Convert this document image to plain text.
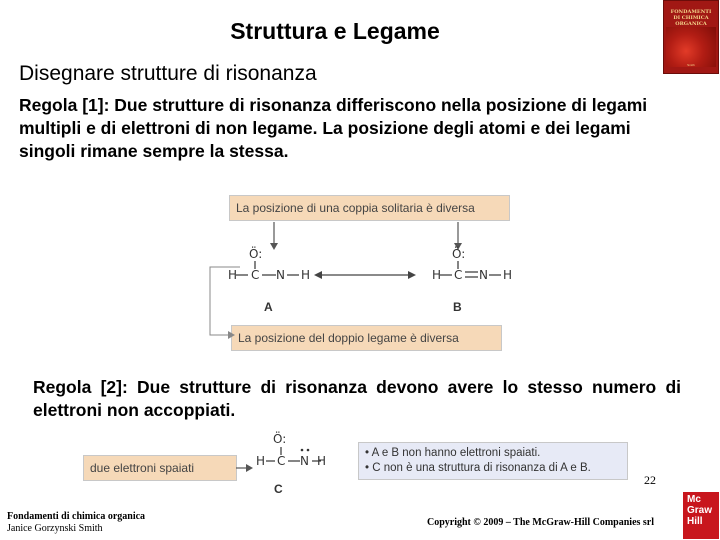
Struttura e Legame
Disegnare strutture di risonanza
FONDAMENTI
DI CHIMICA
ORGANICA
Smith
Regola [1]: Due strutture di risonanza differiscono nella posizione di legami multipli e di elettroni di non legame. La posizione degli atomi e dei legami singoli rimane sempre la stessa.
La posizione di una coppia solitaria è diversa
La posizione del doppio legame è diversa
Ö:
H C N H
A
Ö:
H C N H
B
Regola [2]: Due strutture di risonanza devono avere lo stesso numero di elettroni non accoppiati.
due elettroni spaiati
Ö:
H C N H
C
• A e B non hanno elettroni spaiati.
• C non è una struttura di risonanza di A e B.
Fondamenti di chimica organica
Janice Gorzynski Smith
22
Copyright © 2009 – The McGraw-Hill Companies srl
Mc
Graw
Hill
